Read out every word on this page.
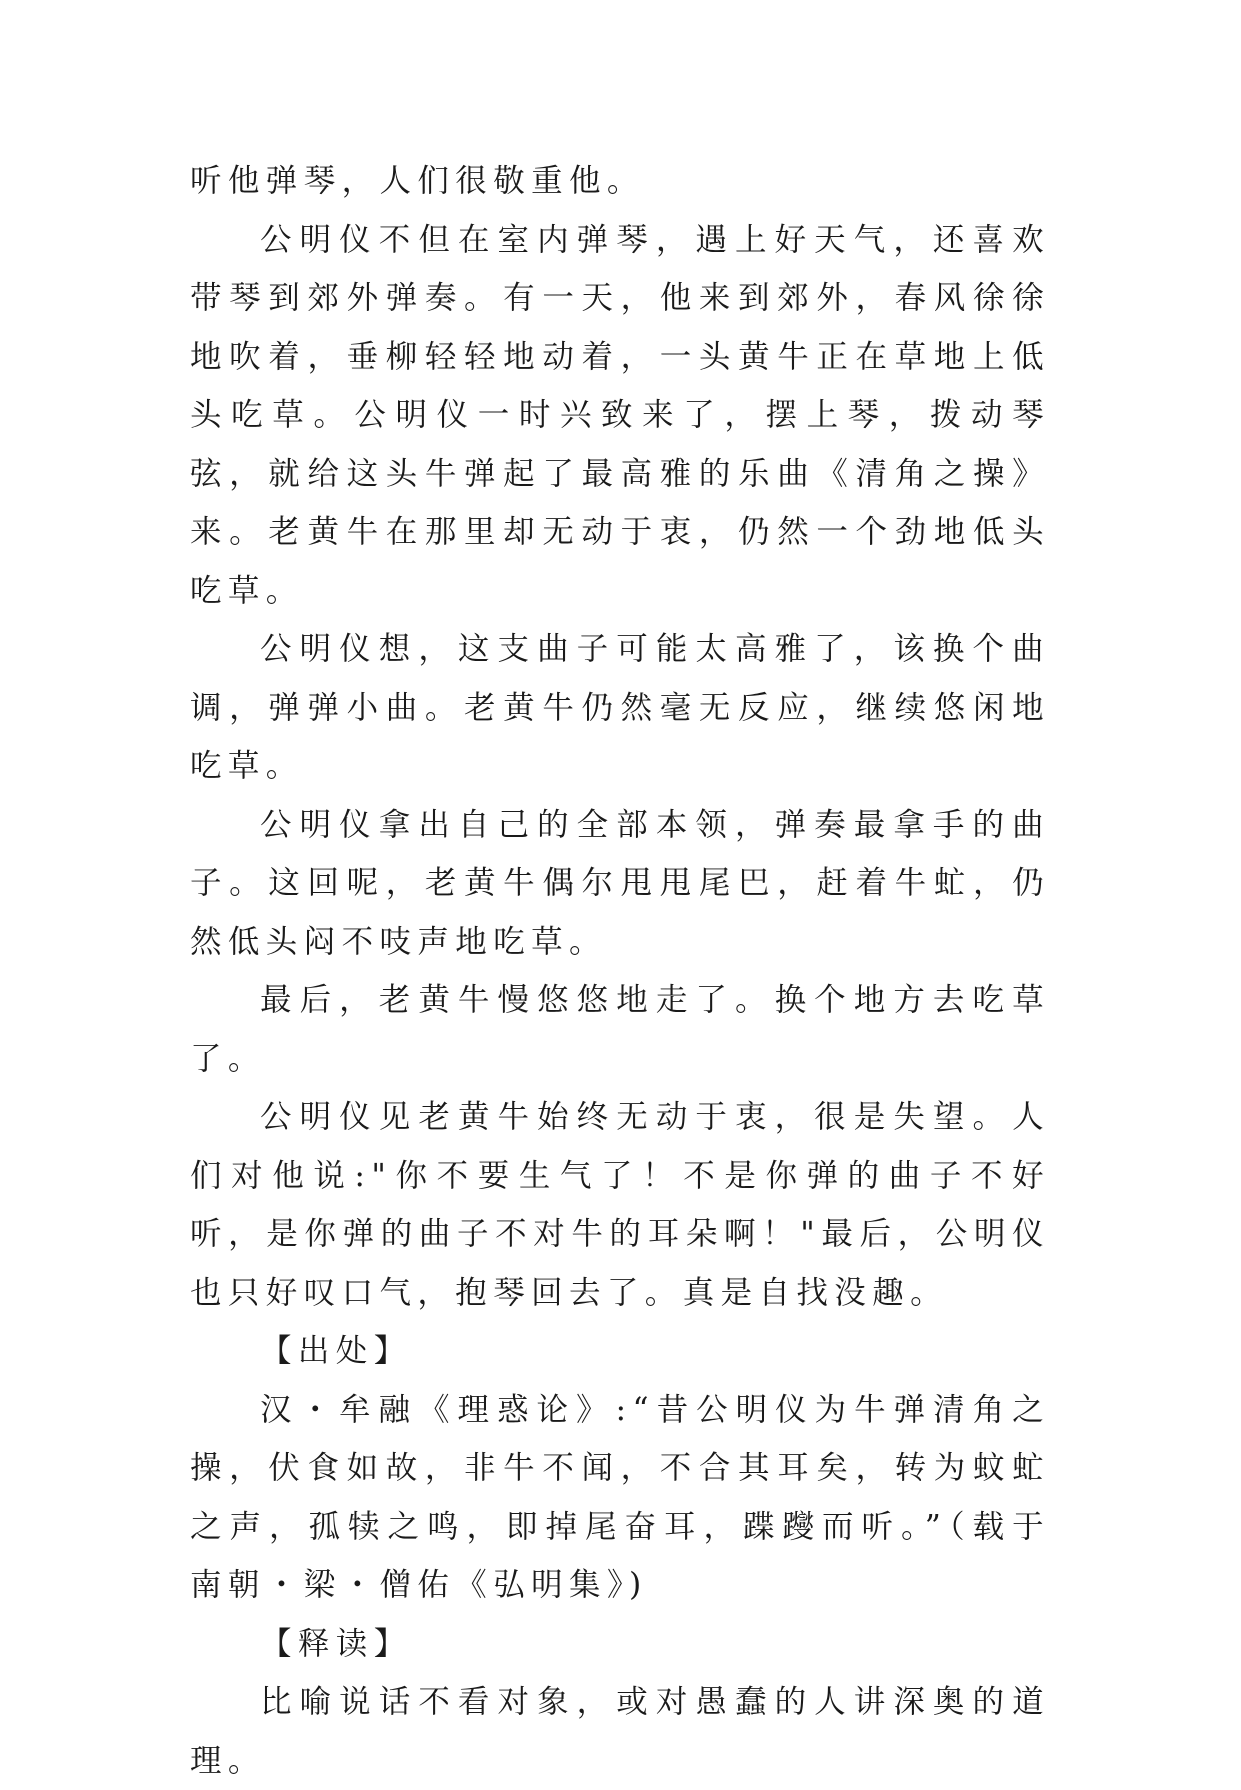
听他弹琴，人们很敬重他。

公明仪不但在室内弹琴，遇上好天气，还喜欢带琴到郊外弹奏。有一天，他来到郊外，春风徐徐地吹着，垂柳轻轻地动着，一头黄牛正在草地上低头吃草。公明仪一时兴致来了，摆上琴，拨动琴弦，就给这头牛弹起了最高雅的乐曲《清角之操》来。老黄牛在那里却无动于衷，仍然一个劲地低头吃草。

公明仪想，这支曲子可能太高雅了，该换个曲调，弹弹小曲。老黄牛仍然毫无反应，继续悠闲地吃草。

公明仪拿出自己的全部本领，弹奏最拿手的曲子。这回呢，老黄牛偶尔甩甩尾巴，赶着牛虻，仍然低头闷不吱声地吃草。

最后，老黄牛慢悠悠地走了。换个地方去吃草了。

公明仪见老黄牛始终无动于衷，很是失望。人们对他说:"你不要生气了！不是你弹的曲子不好听，是你弹的曲子不对牛的耳朵啊！"最后，公明仪也只好叹口气，抱琴回去了。真是自找没趣。

【出处】

汉・牟融《理惑论》:“昔公明仪为牛弹清角之操，伏食如故，非牛不闻，不合其耳矣，转为蚊虻之声，孤犊之鸣，即掉尾奋耳，蹀躞而听。”（载于南朝・梁・僧佑《弘明集》)

【释读】

比喻说话不看对象，或对愚蠢的人讲深奥的道理。
